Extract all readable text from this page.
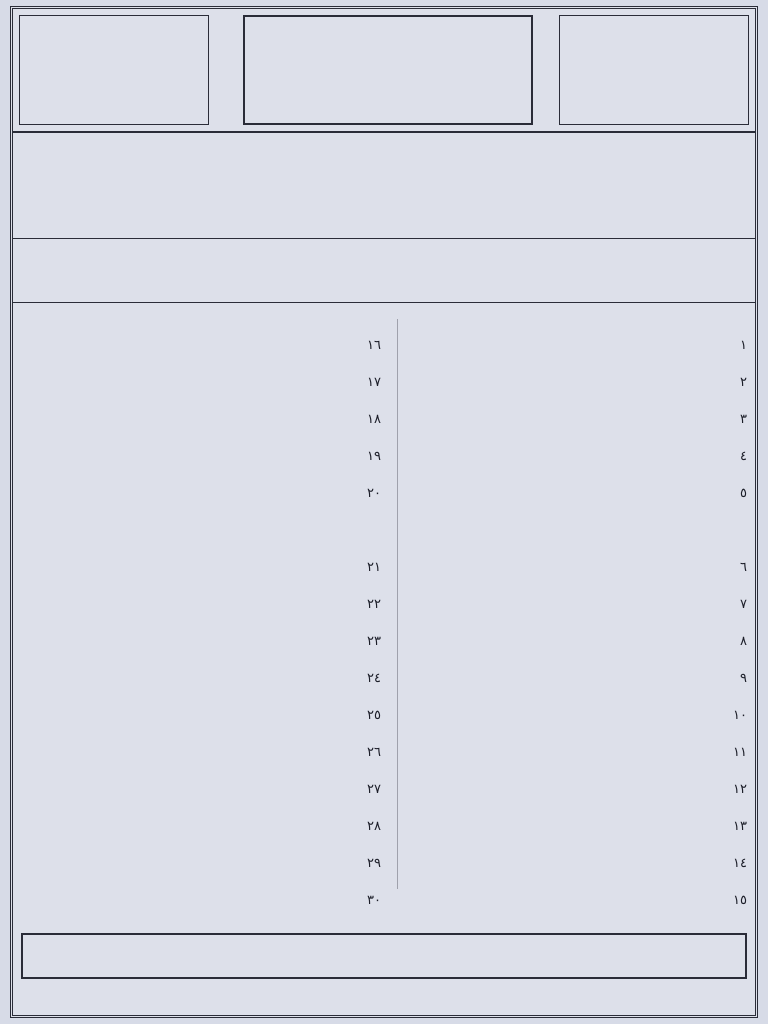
١
٢
٣
٤
٥
٦
٧
٨
٩
١٠
١١
١٢
١٣
١٤
١٥
١٦
١٧
١٨
١٩
٢٠
٢١
٢٢
٢٣
٢٤
٢٥
٢٦
٢٧
٢٨
٢٩
٣٠
